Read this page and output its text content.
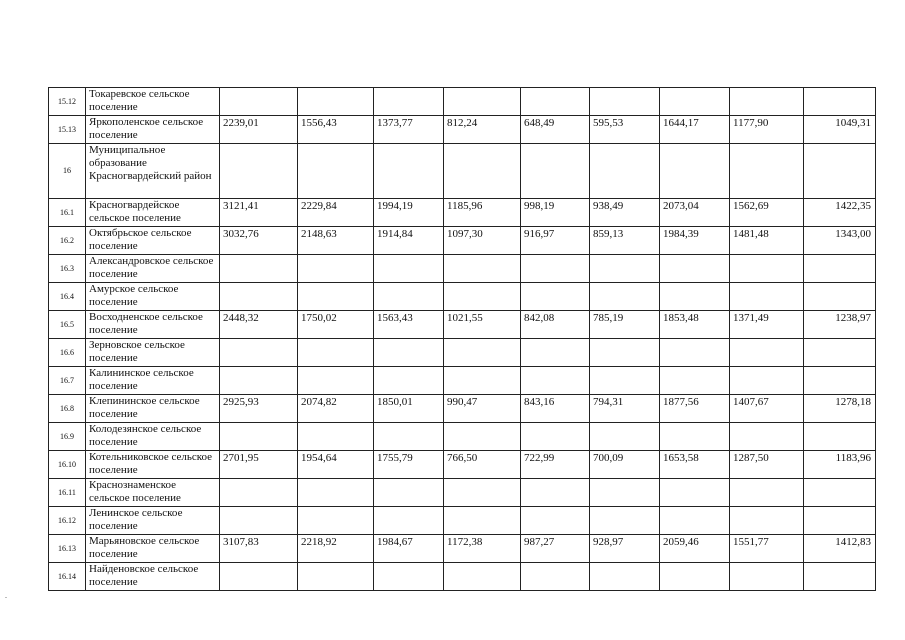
15.12	Токаревское сельское поселение									
15.13	Яркополенское сельское поселение	2239,01	1556,43	1373,77	812,24	648,49	595,53	1644,17	1177,90	1049,31
16	Муниципальное образование Красногвардейский район									
16.1	Красногвардейское сельское поселение	3121,41	2229,84	1994,19	1185,96	998,19	938,49	2073,04	1562,69	1422,35
16.2	Октябрьское сельское поселение	3032,76	2148,63	1914,84	1097,30	916,97	859,13	1984,39	1481,48	1343,00
16.3	Александровское сельское поселение									
16.4	Амурское сельское поселение									
16.5	Восходненское сельское поселение	2448,32	1750,02	1563,43	1021,55	842,08	785,19	1853,48	1371,49	1238,97
16.6	Зерновское сельское поселение									
16.7	Калининское сельское поселение									
16.8	Клепининское сельское поселение	2925,93	2074,82	1850,01	990,47	843,16	794,31	1877,56	1407,67	1278,18
16.9	Колодезянское сельское поселение									
16.10	Котельниковское сельское поселение	2701,95	1954,64	1755,79	766,50	722,99	700,09	1653,58	1287,50	1183,96
16.11	Краснознаменское сельское поселение									
16.12	Ленинское сельское поселение									
16.13	Марьяновское сельское поселение	3107,83	2218,92	1984,67	1172,38	987,27	928,97	2059,46	1551,77	1412,83
16.14	Найденовское сельское поселение									
